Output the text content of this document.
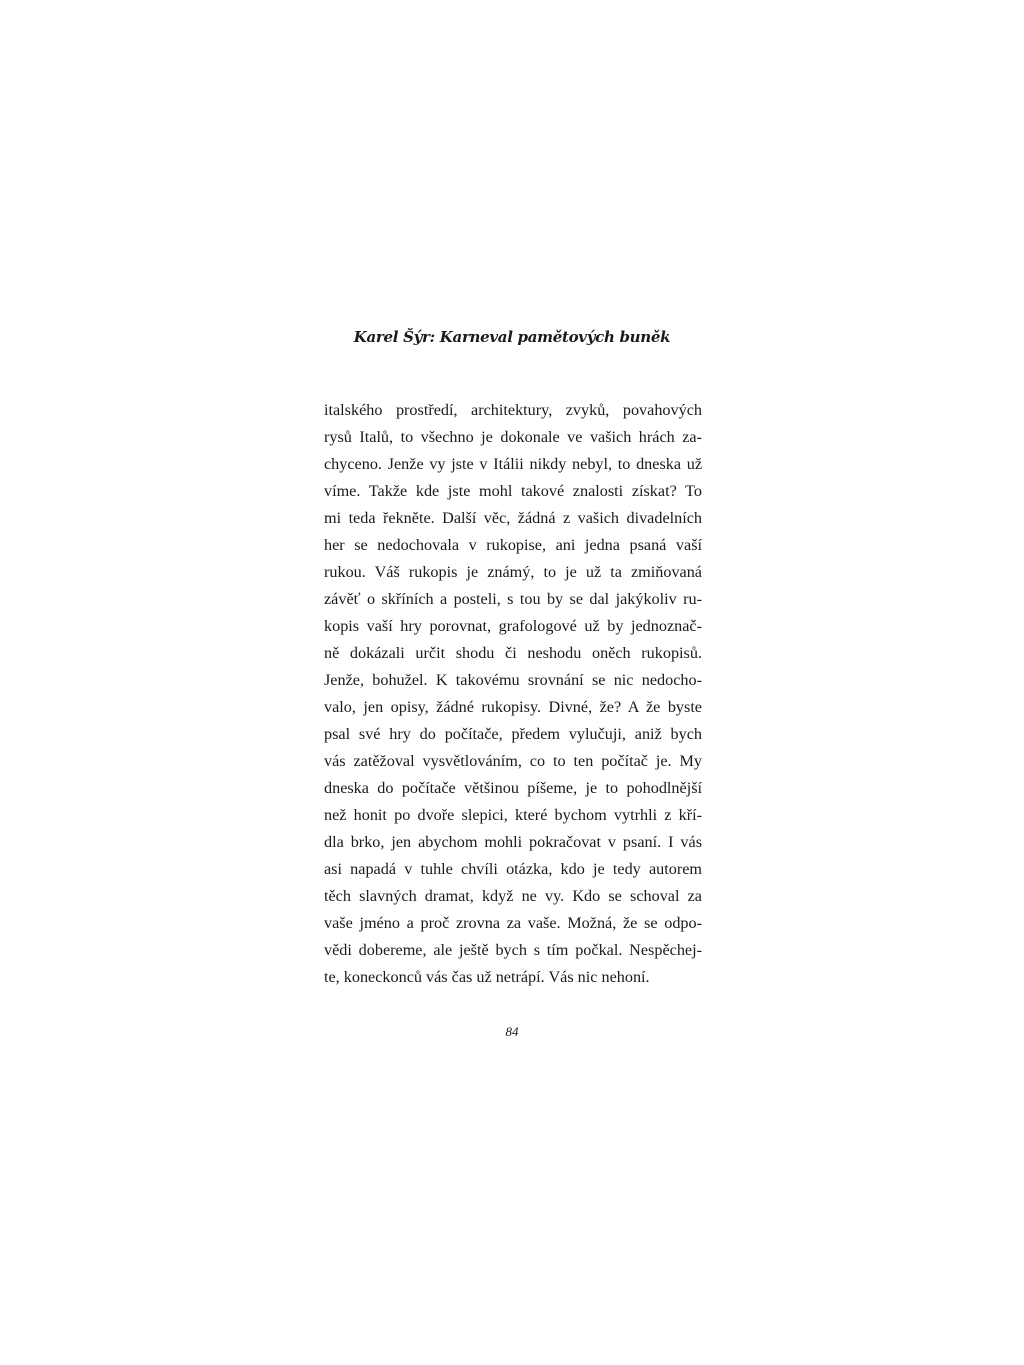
Karel Šýr: Karneval pamětových buněk
italského prostředí, architektury, zvyků, povahových
rysů Italů, to všechno je dokonale ve vašich hrách za-
chyceno. Jenže vy jste v Itálii nikdy nebyl, to dneska už
víme. Takže kde jste mohl takové znalosti získat? To
mi teda řekněte. Další věc, žádná z vašich divadelních
her se nedochovala v rukopise, ani jedna psaná vaší
rukou. Váš rukopis je známý, to je už ta zmiňovaná
závěť o skříních a posteli, s tou by se dal jakýkoliv ru-
kopis vaší hry porovnat, grafologové už by jednoznač-
ně dokázali určit shodu či neshodu oněch rukopisů.
Jenže, bohužel. K takovému srovnání se nic nedocho-
valo, jen opisy, žádné rukopisy. Divné, že? A že byste
psal své hry do počítače, předem vylučuji, aniž bych
vás zatěžoval vysvětlováním, co to ten počítač je. My
dneska do počítače většinou píšeme, je to pohodlnější
než honit po dvoře slepici, které bychom vytrhli z kří-
dla brko, jen abychom mohli pokračovat v psaní. I vás
asi napadá v tuhle chvíli otázka, kdo je tedy autorem
těch slavných dramat, když ne vy. Kdo se schoval za
vaše jméno a proč zrovna za vaše. Možná, že se odpo-
vědi dobereme, ale ještě bych s tím počkal. Nespěchej-
te, koneckonců vás čas už netrápí. Vás nic nehoní.
84
